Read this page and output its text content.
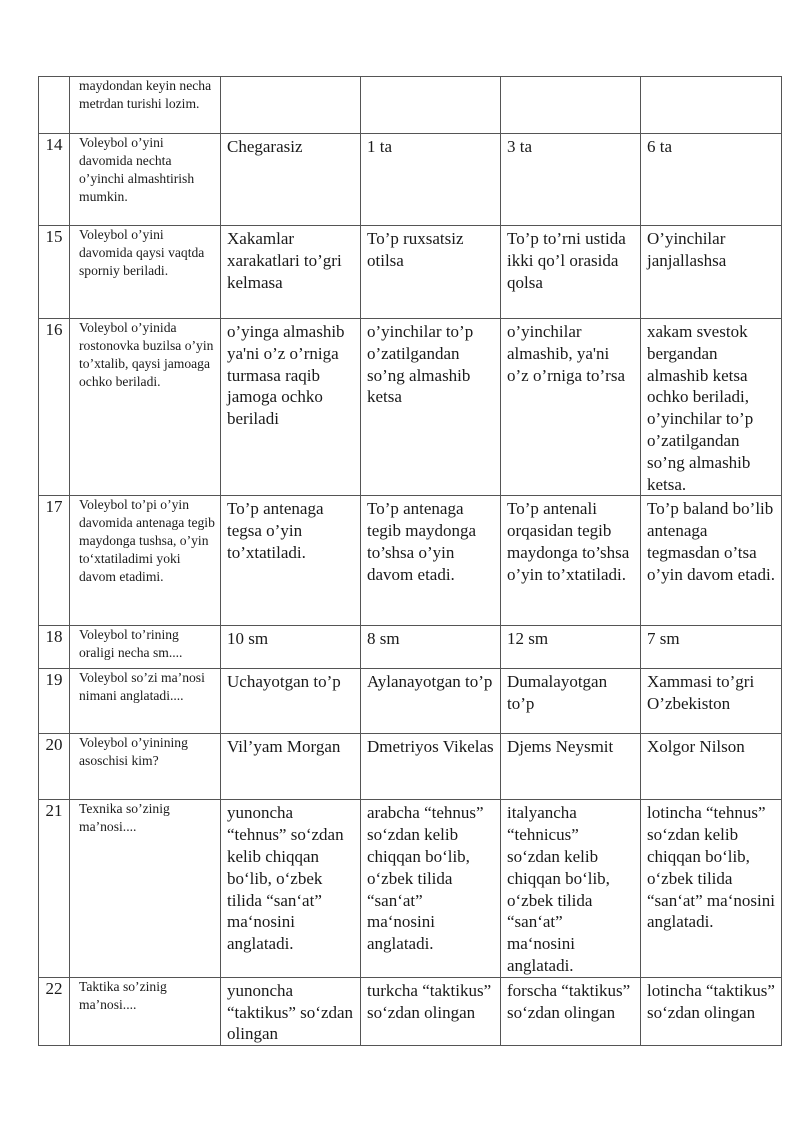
	maydondan keyin necha metrdan turishi lozim.				
14	Voleybol o’yini davomida nechta o’yinchi almashtirish mumkin.	Chegarasiz	1 ta	3 ta	6 ta
15	Voleybol o’yini davomida qaysi vaqtda sporniy beriladi.	Xakamlar xarakatlari to’gri kelmasa	To’p ruxsatsiz otilsa	To’p to’rni ustida ikki qo’l orasida qolsa	O’yinchilar janjallashsa
16	Voleybol o’yinida rostonovka buzilsa o’yin to’xtalib, qaysi jamoaga ochko beriladi.	o’yinga almashib ya'ni o’z o’rniga turmasa raqib jamoga ochko beriladi	o’yinchilar to’p o’zatilgandan so’ng almashib ketsa	o’yinchilar almashib, ya'ni o’z o’rniga to’rsa	xakam svestok bergandan almashib ketsa ochko beriladi, o’yinchilar to’p o’zatilgandan so’ng almashib ketsa.
17	Voleybol to’pi o’yin davomida antenaga tegib maydonga tushsa, o’yin to‘xtatiladimi yoki davom etadimi.	To’p antenaga tegsa o’yin to’xtatiladi.	To’p antenaga tegib maydonga to’shsa o’yin davom etadi.	To’p antenali orqasidan tegib maydonga to’shsa o’yin to’xtatiladi.	To’p baland bo’lib antenaga tegmasdan o’tsa o’yin davom etadi.
18	Voleybol to’rining oraligi necha sm....	10 sm	8 sm	12 sm	7 sm
19	Voleybol so’zi ma’nosi nimani anglatadi....	Uchayotgan to’p	Aylanayotgan to’p	Dumalayotgan to’p	Xammasi to’gri O’zbekiston
20	Voleybol o’yinining asoschisi kim?	Vil’yam Morgan	Dmetriyos Vikelas	Djems Neysmit	Xolgor Nilson
21	Texnika so’zinig ma’nosi....	yunoncha “tehnus” so‘zdan kelib chiqqan bo‘lib, o‘zbek tilida “san‘at” ma‘nosini anglatadi.	arabcha “tehnus” so‘zdan kelib chiqqan bo‘lib, o‘zbek tilida “san‘at” ma‘nosini anglatadi.	italyancha “tehnicus” so‘zdan kelib chiqqan bo‘lib, o‘zbek tilida “san‘at” ma‘nosini anglatadi.	lotincha “tehnus” so‘zdan kelib chiqqan bo‘lib, o‘zbek tilida “san‘at” ma‘nosini anglatadi.
22	Taktika so’zinig ma’nosi....	yunoncha “taktikus” so‘zdan olingan	turkcha “taktikus” so‘zdan olingan	forscha “taktikus” so‘zdan olingan	lotincha “taktikus” so‘zdan olingan
